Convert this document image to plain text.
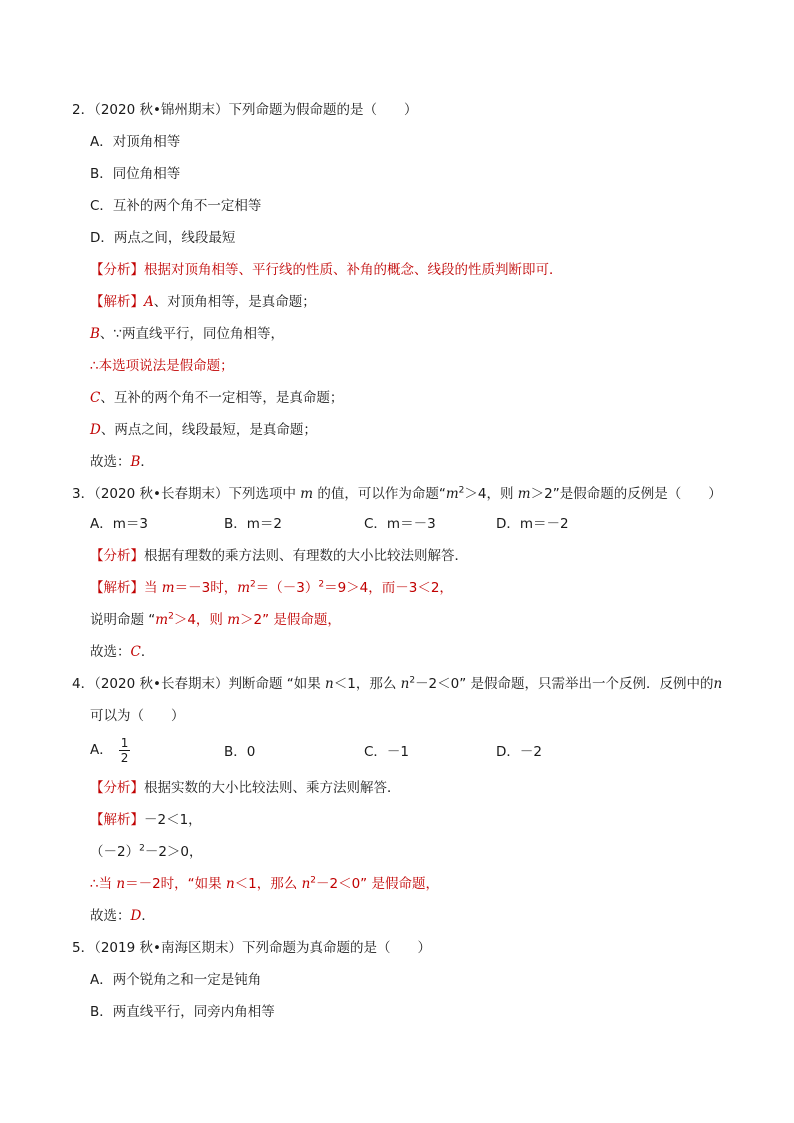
2．（2020 秋•锦州期末）下列命题为假命题的是（　　）
A．对顶角相等
B．同位角相等
C．互补的两个角不一定相等
D．两点之间，线段最短
【分析】根据对顶角相等、平行线的性质、补角的概念、线段的性质判断即可．
【解析】A、对顶角相等，是真命题；
B、∵两直线平行，同位角相等，
∴本选项说法是假命题；
C、互补的两个角不一定相等，是真命题；
D、两点之间，线段最短，是真命题；
故选：B．
3．（2020 秋•长春期末）下列选项中 m 的值，可以作为命题“$m^2>4$，则 m＞2”是假命题的反例是（　　）
A．m＝3	B．m＝2	C．m＝－3	D．m＝－2
【分析】根据有理数的乘方法则、有理数的大小比较法则解答．
【解析】当 m＝－3时，$m^2=(-3)^2=9>4$，而－3＜2，
说明命题 “$m^2>4$，则 m＞2” 是假命题，
故选：C．
4．（2020 秋•长春期末）判断命题 “如果 n＜1，那么 $n^2-2<0$” 是假命题，只需举出一个反例．反例中的n
可以为（　　）
A． $\frac{1}{2}$	B．0	C．－1	D．－2
【分析】根据实数的大小比较法则、乘方法则解答．
【解析】－2＜1，
$(-2)^2-2>0$，
∴当 n＝－2时，“如果 n＜1，那么 $n^2-2<0$” 是假命题，
故选：D．
5．（2019 秋•南海区期末）下列命题为真命题的是（　　）
A．两个锐角之和一定是钝角
B．两直线平行，同旁内角相等
